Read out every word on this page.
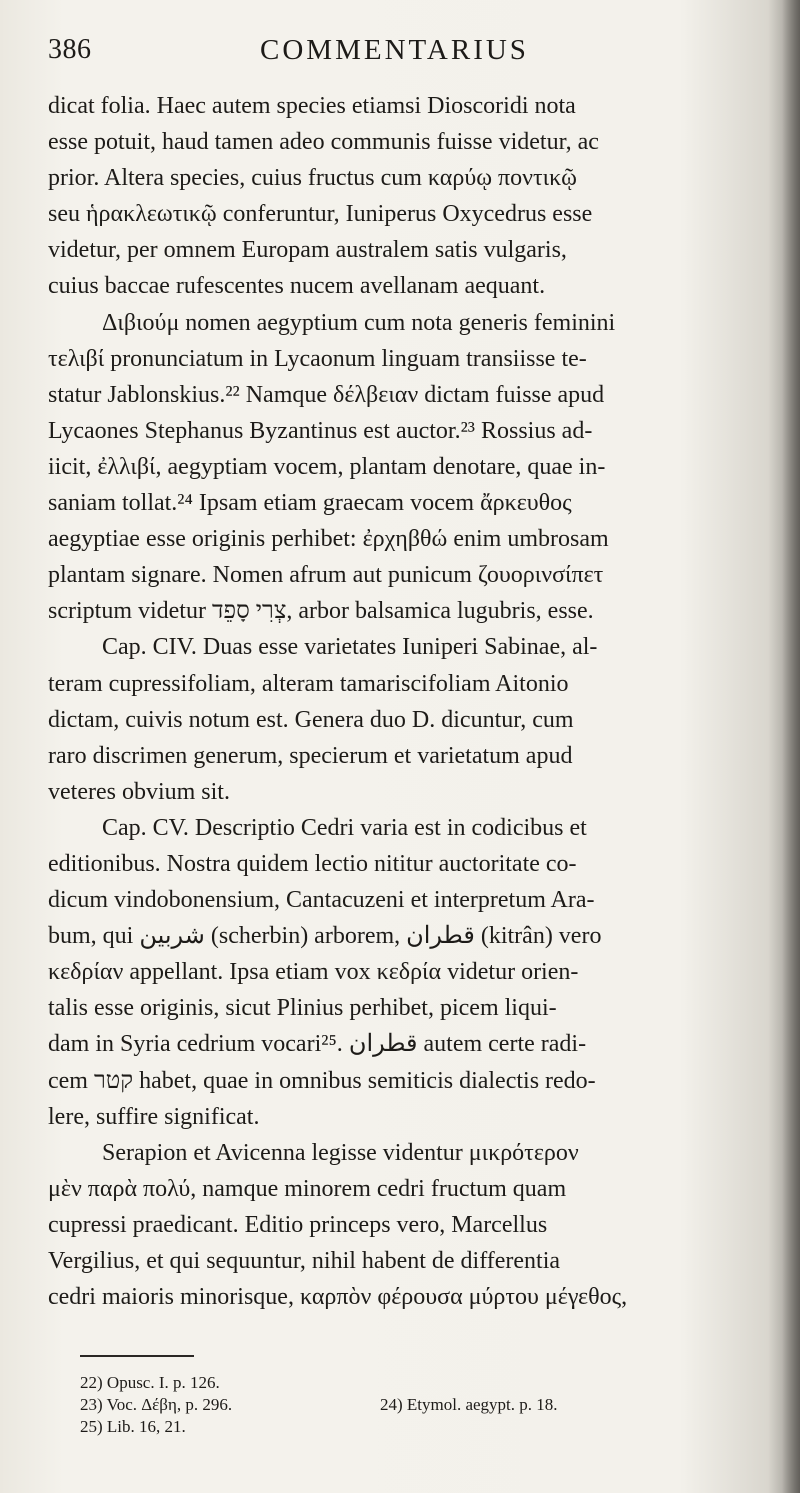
386	COMMENTARIUS
dicat folia. Haec autem species etiamsi Dioscoridi nota
esse potuit, haud tamen adeo communis fuisse videtur, ac
prior. Altera species, cuius fructus cum καρύῳ ποντικῷ
seu ἡρακλεωτικῷ conferuntur, Iuniperus Oxycedrus esse
videtur, per omnem Europam australem satis vulgaris,
cuius baccae rufescentes nucem avellanam aequant.
Διβιούμ nomen aegyptium cum nota generis feminini
τελιβί pronunciatum in Lycaonum linguam transiisse te-
statur Jablonskius.²² Namque δέλβειαν dictam fuisse apud
Lycaones Stephanus Byzantinus est auctor.²³ Rossius ad-
iicit, ἐλλιβί, aegyptiam vocem, plantam denotare, quae in-
saniam tollat.²⁴ Ipsam etiam graecam vocem ἄρκευθος
aegyptiae esse originis perhibet: ἐρχηβθώ enim umbrosam
plantam signare. Nomen afrum aut punicum ζουορινσίπετ
scriptum videtur צְרִי סָפֵד, arbor balsamica lugubris, esse.
Cap. CIV. Duas esse varietates Iuniperi Sabinae, al-
teram cupressifoliam, alteram tamariscifoliam Aitonio
dictam, cuivis notum est. Genera duo D. dicuntur, cum
raro discrimen generum, specierum et varietatum apud
veteres obvium sit.
Cap. CV. Descriptio Cedri varia est in codicibus et
editionibus. Nostra quidem lectio nititur auctoritate co-
dicum vindobonensium, Cantacuzeni et interpretum Ara-
bum, qui شربين (scherbin) arborem, قطران (kitrân) vero
κεδρίαν appellant. Ipsa etiam vox κεδρία videtur orien-
talis esse originis, sicut Plinius perhibet, picem liqui-
dam in Syria cedrium vocari²⁵. قطران autem certe radi-
cem קטר habet, quae in omnibus semiticis dialectis redo-
lere, suffire significat.
Serapion et Avicenna legisse videntur μικρότερον
μὲν παρὰ πολύ, namque minorem cedri fructum quam
cupressi praedicant. Editio princeps vero, Marcellus
Vergilius, et qui sequuntur, nihil habent de differentia
cedri maioris minorisque, καρπὸν φέρουσα μύρτου μέγεθος,
22) Opusc. I. p. 126.
23) Voc. Δέβη, p. 296.	24) Etymol. aegypt. p. 18.
25) Lib. 16, 21.
